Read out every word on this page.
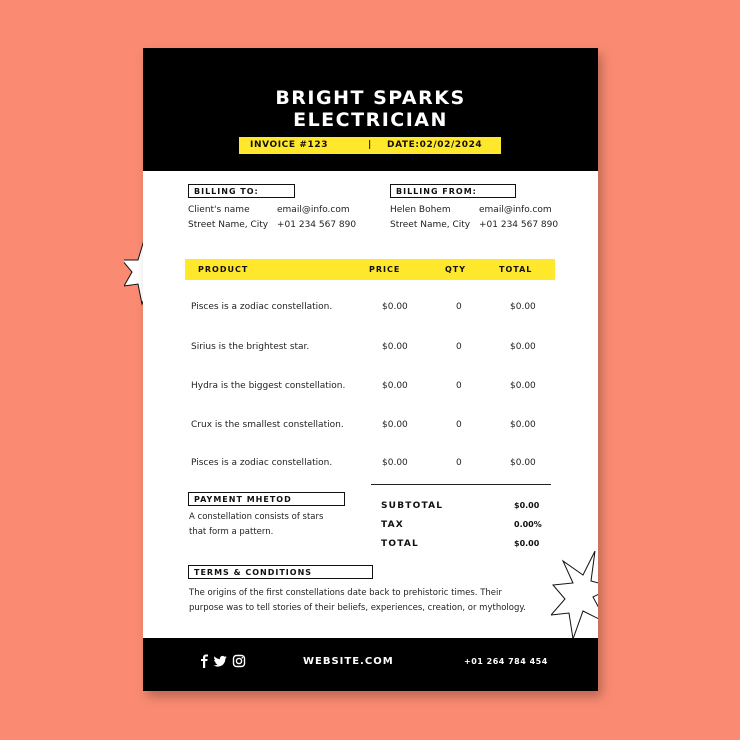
BRIGHT SPARKS
ELECTRICIAN
INVOICE #123	| DATE:02/02/2024
BILLING TO:
Client's name	email@info.com
Street Name, City +01 234 567 890
BILLING FROM:
Helen Bohem	email@info.com
Street Name, City +01 234 567 890
PRODUCT	PRICE	QTY	TOTAL
Pisces is a zodiac constellation.	$0.00	0	$0.00
Sirius is the brightest star.	$0.00	0	$0.00
Hydra is the biggest constellation.	$0.00	0	$0.00
Crux is the smallest constellation.	$0.00	0	$0.00
Pisces is a zodiac constellation.	$0.00	0	$0.00
PAYMENT MHETOD
A constellation consists of stars
that form a pattern.
SUBTOTAL	$0.00
TAX	0.00%
TOTAL	$0.00
TERMS & CONDITIONS
The origins of the first constellations date back to prehistoric times. Their
purpose was to tell stories of their beliefs, experiences, creation, or mythology.
WEBSITE.COM	+01 264 784 454
